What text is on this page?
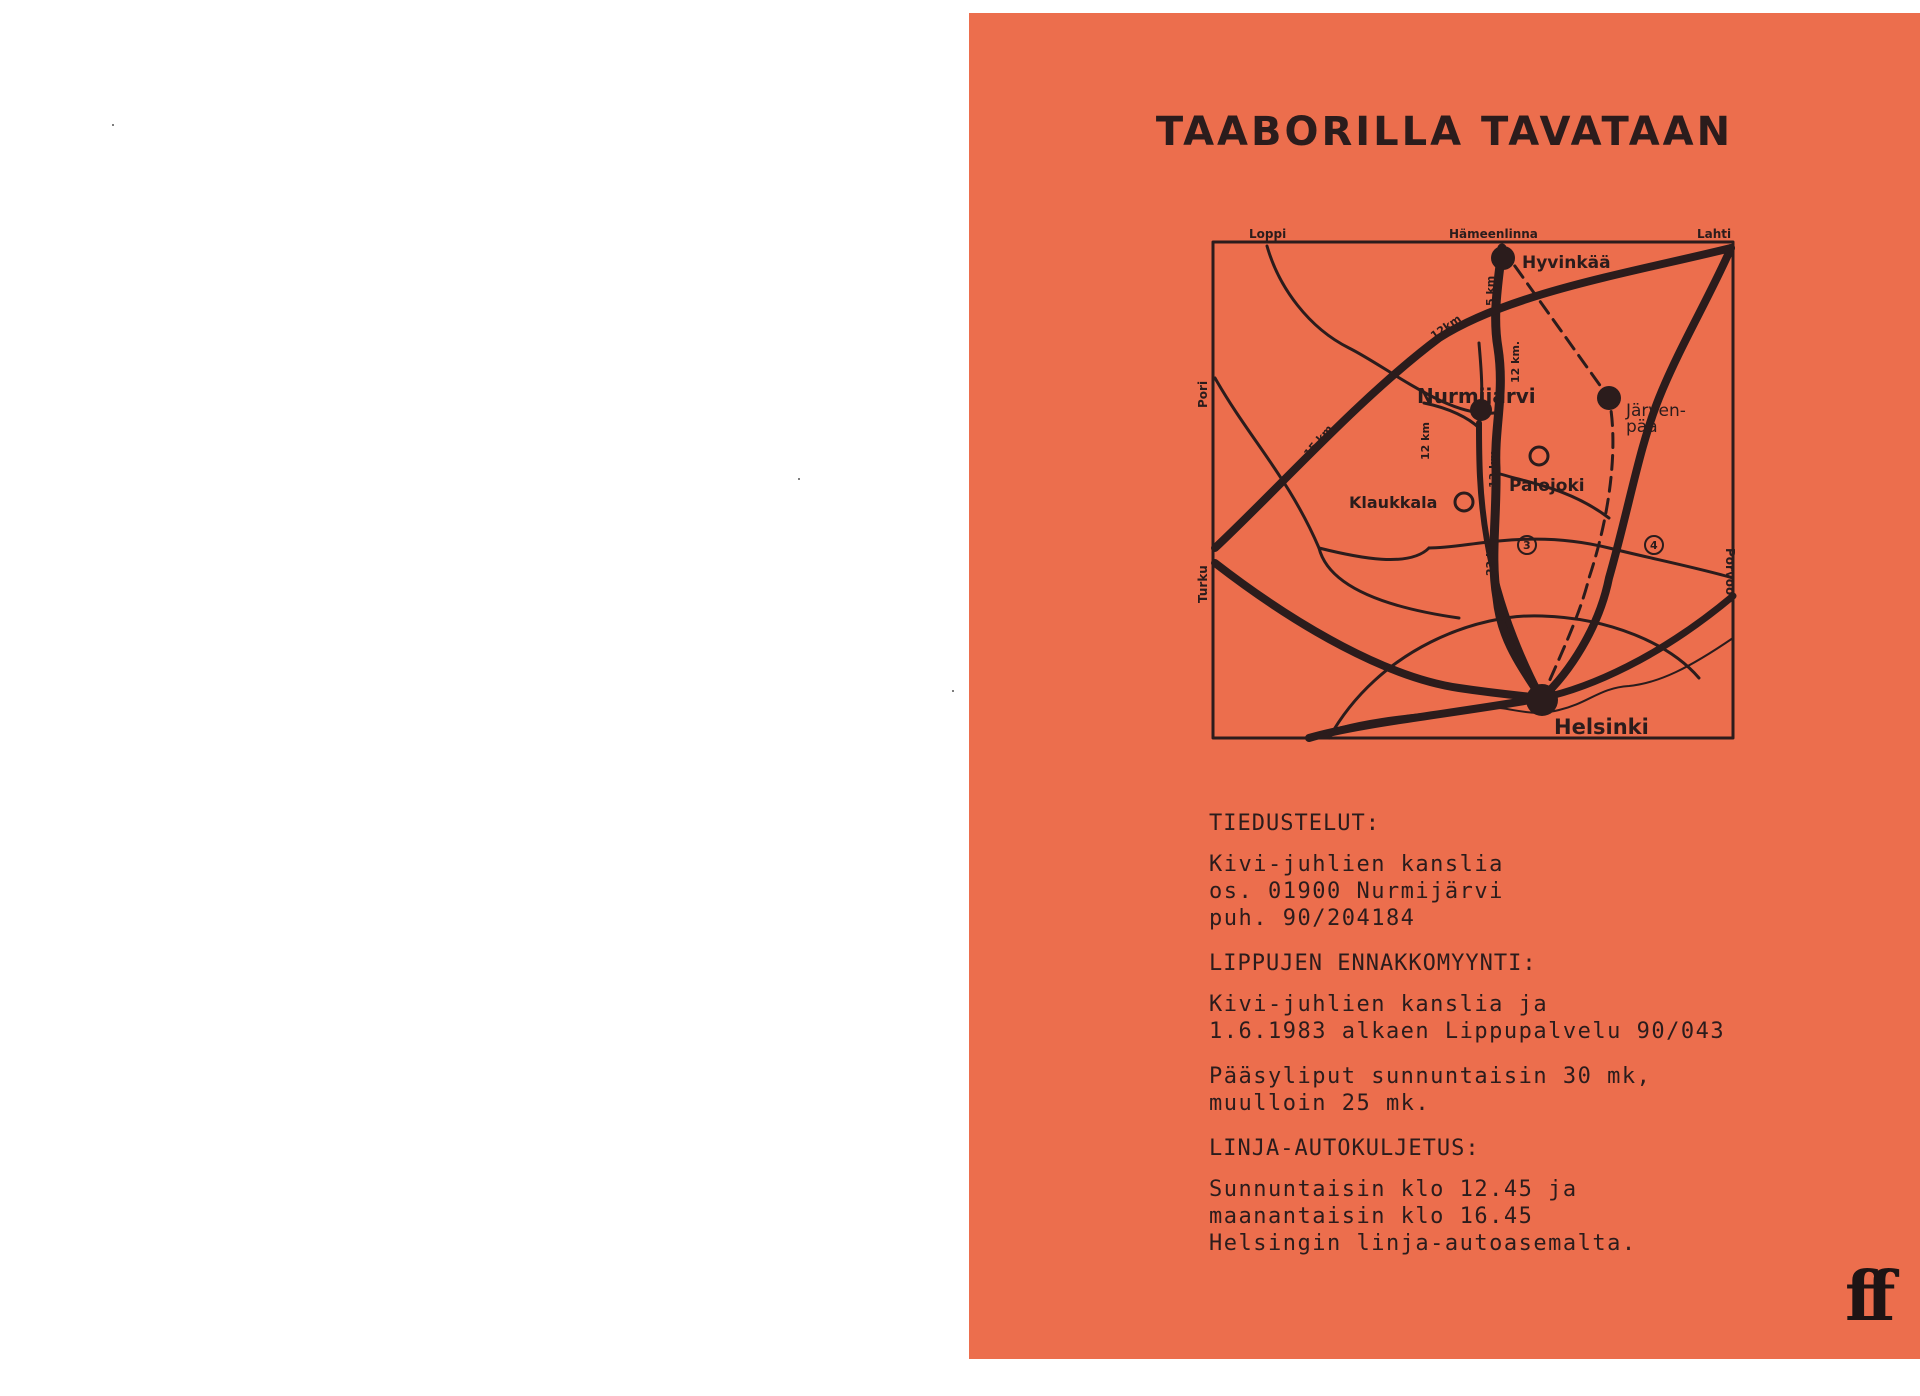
TAABORILLA TAVATAAN
Loppi	Hämeenlinna	Lahti
Pori
Turku	Porvoo
Hyvinkää
Nurmijärvi
Järven-
pää
Palojoki
Klaukkala
Helsinki
5 km
12km
12 km.
15 km	12 km
13 km
22 km 3	4

TIEDUSTELUT:

Kivi-juhlien kanslia

os. 01900 Nurmijärvi

puh. 90/204184

LIPPUJEN ENNAKKOMYYNTI:

Kivi-juhlien kanslia ja

1.6.1983 alkaen Lippupalvelu 90/043

Pääsyliput sunnuntaisin 30 mk,

muulloin 25 mk.

LINJA-AUTOKULJETUS:

Sunnuntaisin klo 12.45 ja

maanantaisin klo 16.45

Helsingin linja-autoasemalta.

ff
